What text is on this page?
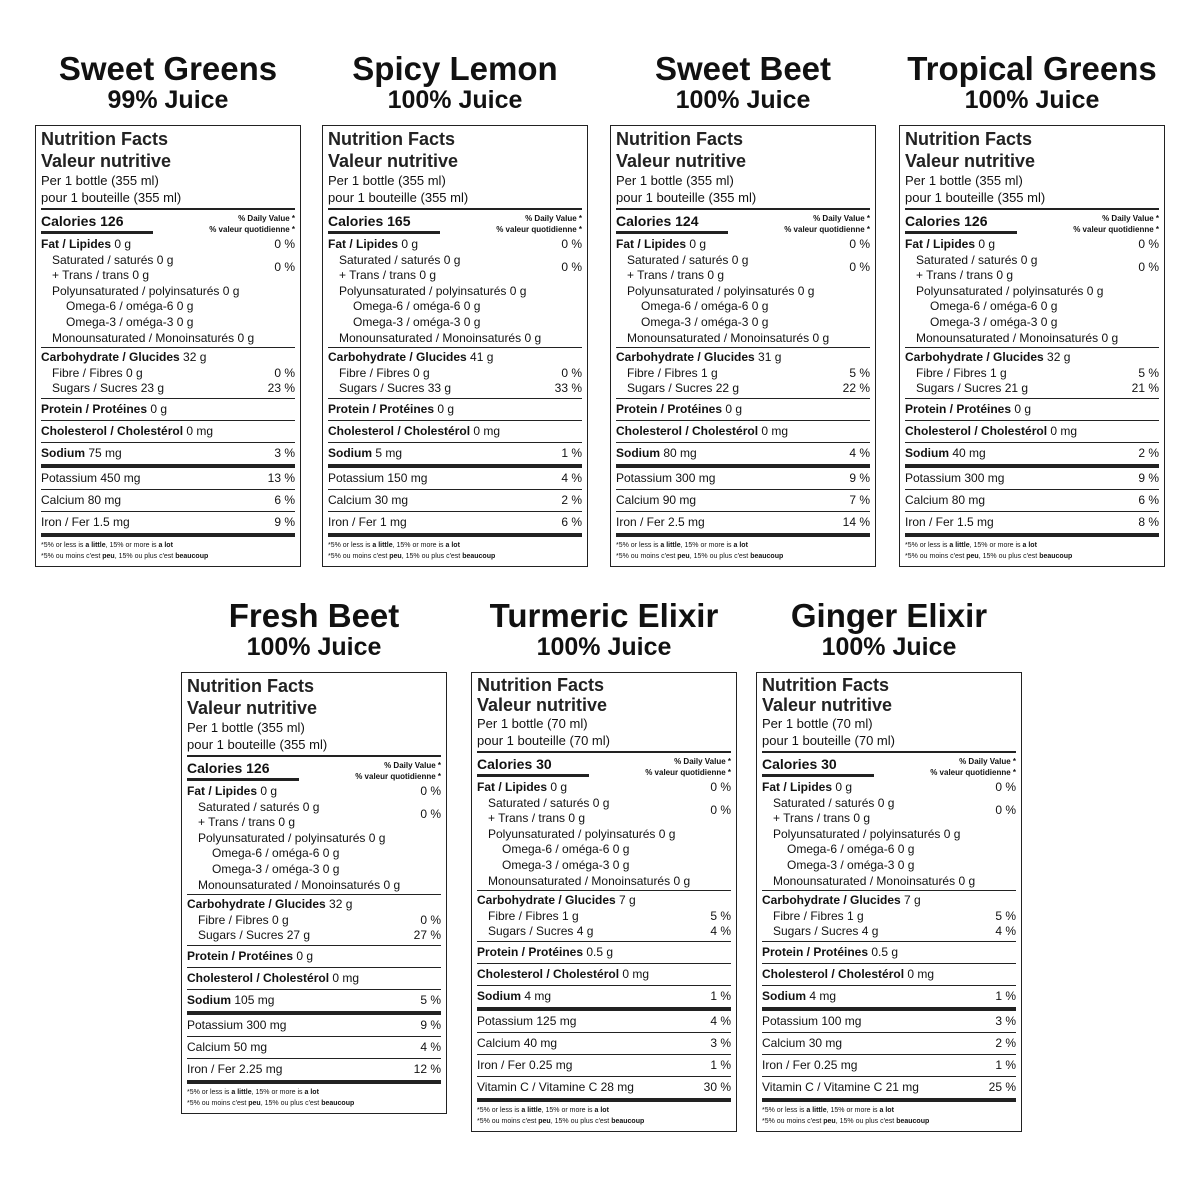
Sweet Greens
99% Juice
Nutrition Facts
Valeur nutritive
Per 1 bottle (355 ml)
pour 1 bouteille (355 ml)
Calories 126	% Daily Value *
% valeur quotidienne *
Fat / Lipides 0 g	0 %
Saturated / saturés 0 g
+ Trans / trans 0 g
0 %
Polyunsaturated / polyinsaturés 0 g
Omega-6 / oméga-6 0 g
Omega-3 / oméga-3 0 g
Monounsaturated / Monoinsaturés 0 g
Carbohydrate / Glucides 32 g
Fibre / Fibres 0 g	0 %
Sugars / Sucres 23 g	23 %
Protein / Protéines 0 g
Cholesterol / Cholestérol 0 mg
Sodium 75 mg	3 %
Potassium 450 mg	13 %
Calcium 80 mg	6 %
Iron / Fer 1.5 mg	9 %
*5% or less is a little, 15% or more is a lot
*5% ou moins c'est peu, 15% ou plus c'est beaucoup
Spicy Lemon
100% Juice
Nutrition Facts
Valeur nutritive
Per 1 bottle (355 ml)
pour 1 bouteille (355 ml)
Calories 165	% Daily Value *
% valeur quotidienne *
Fat / Lipides 0 g	0 %
Saturated / saturés 0 g
+ Trans / trans 0 g
0 %
Polyunsaturated / polyinsaturés 0 g
Omega-6 / oméga-6 0 g
Omega-3 / oméga-3 0 g
Monounsaturated / Monoinsaturés 0 g
Carbohydrate / Glucides 41 g
Fibre / Fibres 0 g	0 %
Sugars / Sucres 33 g	33 %
Protein / Protéines 0 g
Cholesterol / Cholestérol 0 mg
Sodium 5 mg	1 %
Potassium 150 mg	4 %
Calcium 30 mg	2 %
Iron / Fer 1 mg	6 %
*5% or less is a little, 15% or more is a lot
*5% ou moins c'est peu, 15% ou plus c'est beaucoup
Sweet Beet
100% Juice
Nutrition Facts
Valeur nutritive
Per 1 bottle (355 ml)
pour 1 bouteille (355 ml)
Calories 124	% Daily Value *
% valeur quotidienne *
Fat / Lipides 0 g	0 %
Saturated / saturés 0 g
+ Trans / trans 0 g
0 %
Polyunsaturated / polyinsaturés 0 g
Omega-6 / oméga-6 0 g
Omega-3 / oméga-3 0 g
Monounsaturated / Monoinsaturés 0 g
Carbohydrate / Glucides 31 g
Fibre / Fibres 1 g	5 %
Sugars / Sucres 22 g	22 %
Protein / Protéines 0 g
Cholesterol / Cholestérol 0 mg
Sodium 80 mg	4 %
Potassium 300 mg	9 %
Calcium 90 mg	7 %
Iron / Fer 2.5 mg	14 %
*5% or less is a little, 15% or more is a lot
*5% ou moins c'est peu, 15% ou plus c'est beaucoup
Tropical Greens
100% Juice
Nutrition Facts
Valeur nutritive
Per 1 bottle (355 ml)
pour 1 bouteille (355 ml)
Calories 126	% Daily Value *
% valeur quotidienne *
Fat / Lipides 0 g	0 %
Saturated / saturés 0 g
+ Trans / trans 0 g
0 %
Polyunsaturated / polyinsaturés 0 g
Omega-6 / oméga-6 0 g
Omega-3 / oméga-3 0 g
Monounsaturated / Monoinsaturés 0 g
Carbohydrate / Glucides 32 g
Fibre / Fibres 1 g	5 %
Sugars / Sucres 21 g	21 %
Protein / Protéines 0 g
Cholesterol / Cholestérol 0 mg
Sodium 40 mg	2 %
Potassium 300 mg	9 %
Calcium 80 mg	6 %
Iron / Fer 1.5 mg	8 %
*5% or less is a little, 15% or more is a lot
*5% ou moins c'est peu, 15% ou plus c'est beaucoup
Fresh Beet
100% Juice
Nutrition Facts
Valeur nutritive
Per 1 bottle (355 ml)
pour 1 bouteille (355 ml)
Calories 126	% Daily Value *
% valeur quotidienne *
Fat / Lipides 0 g	0 %
Saturated / saturés 0 g
+ Trans / trans 0 g
0 %
Polyunsaturated / polyinsaturés 0 g
Omega-6 / oméga-6 0 g
Omega-3 / oméga-3 0 g
Monounsaturated / Monoinsaturés 0 g
Carbohydrate / Glucides 32 g
Fibre / Fibres 0 g	0 %
Sugars / Sucres 27 g	27 %
Protein / Protéines 0 g
Cholesterol / Cholestérol 0 mg
Sodium 105 mg	5 %
Potassium 300 mg	9 %
Calcium 50 mg	4 %
Iron / Fer 2.25 mg	12 %
*5% or less is a little, 15% or more is a lot
*5% ou moins c'est peu, 15% ou plus c'est beaucoup
Turmeric Elixir
100% Juice
Nutrition Facts
Valeur nutritive
Per 1 bottle (70 ml)
pour 1 bouteille (70 ml)
Calories 30	% Daily Value *
% valeur quotidienne *
Fat / Lipides 0 g	0 %
Saturated / saturés 0 g
+ Trans / trans 0 g
0 %
Polyunsaturated / polyinsaturés 0 g
Omega-6 / oméga-6 0 g
Omega-3 / oméga-3 0 g
Monounsaturated / Monoinsaturés 0 g
Carbohydrate / Glucides 7 g
Fibre / Fibres 1 g	5 %
Sugars / Sucres 4 g	4 %
Protein / Protéines 0.5 g
Cholesterol / Cholestérol 0 mg
Sodium 4 mg	1 %
Potassium 125 mg	4 %
Calcium 40 mg	3 %
Iron / Fer 0.25 mg	1 %
Vitamin C / Vitamine C 28 mg	30 %
*5% or less is a little, 15% or more is a lot
*5% ou moins c'est peu, 15% ou plus c'est beaucoup
Ginger Elixir
100% Juice
Nutrition Facts
Valeur nutritive
Per 1 bottle (70 ml)
pour 1 bouteille (70 ml)
Calories 30	% Daily Value *
% valeur quotidienne *
Fat / Lipides 0 g	0 %
Saturated / saturés 0 g
+ Trans / trans 0 g
0 %
Polyunsaturated / polyinsaturés 0 g
Omega-6 / oméga-6 0 g
Omega-3 / oméga-3 0 g
Monounsaturated / Monoinsaturés 0 g
Carbohydrate / Glucides 7 g
Fibre / Fibres 1 g	5 %
Sugars / Sucres 4 g	4 %
Protein / Protéines 0.5 g
Cholesterol / Cholestérol 0 mg
Sodium 4 mg	1 %
Potassium 100 mg	3 %
Calcium 30 mg	2 %
Iron / Fer 0.25 mg	1 %
Vitamin C / Vitamine C 21 mg	25 %
*5% or less is a little, 15% or more is a lot
*5% ou moins c'est peu, 15% ou plus c'est beaucoup
